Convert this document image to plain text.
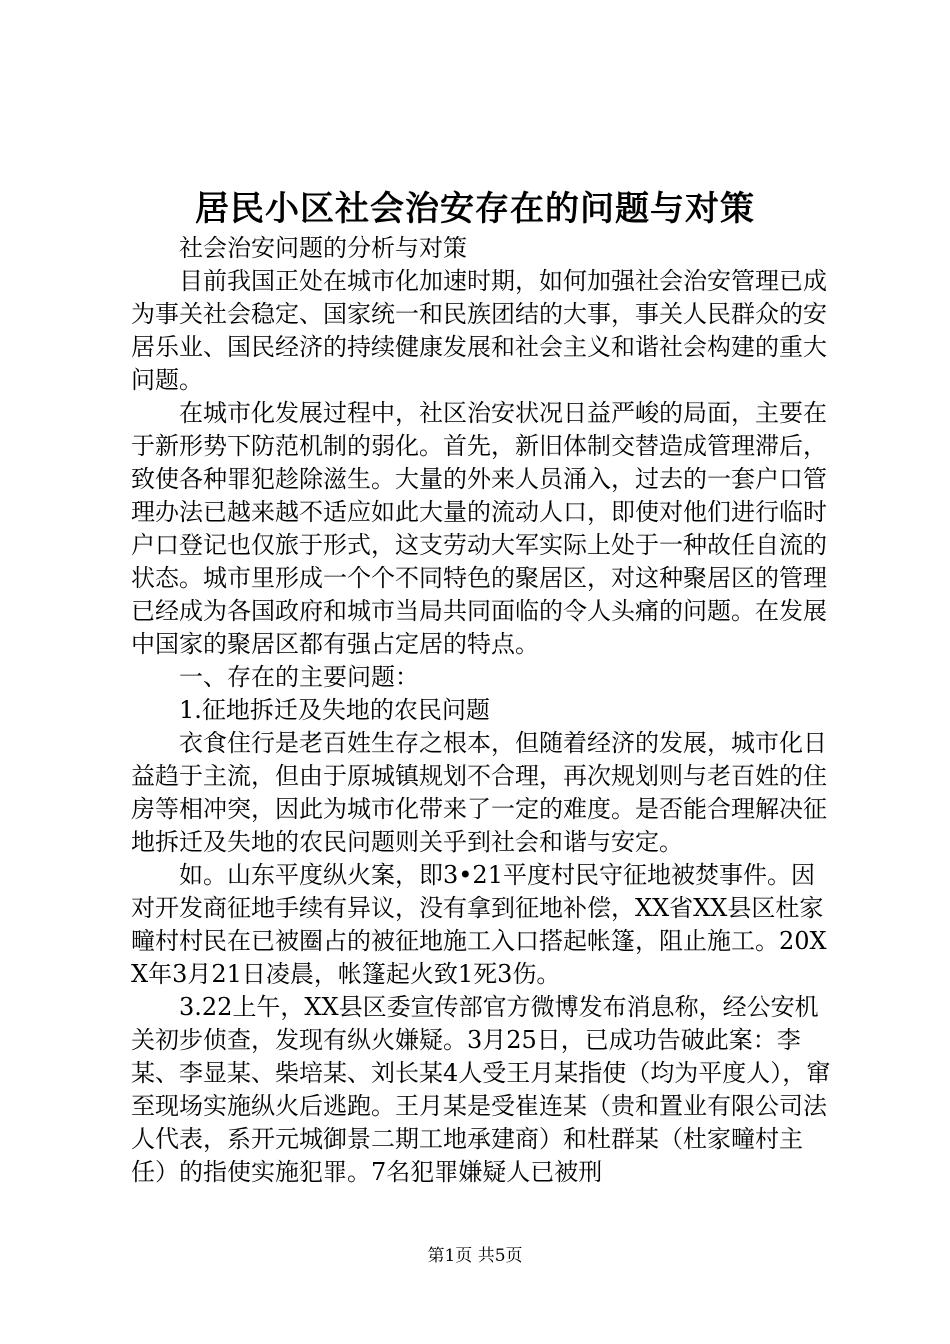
居民小区社会治安存在的问题与对策

社会治安问题的分析与对策

目前我国正处在城市化加速时期，如何加强社会治安管理已成为事关社会稳定、国家统一和民族团结的大事，事关人民群众的安居乐业、国民经济的持续健康发展和社会主义和谐社会构建的重大问题。

在城市化发展过程中，社区治安状况日益严峻的局面，主要在于新形势下防范机制的弱化。首先，新旧体制交替造成管理滞后，致使各种罪犯趁除滋生。大量的外来人员涌入，过去的一套户口管理办法已越来越不适应如此大量的流动人口，即使对他们进行临时户口登记也仅旅于形式，这支劳动大军实际上处于一种故任自流的状态。城市里形成一个个不同特色的聚居区，对这种聚居区的管理已经成为各国政府和城市当局共同面临的令人头痛的问题。在发展中国家的聚居区都有强占定居的特点。

一、存在的主要问题：

1.征地拆迁及失地的农民问题

衣食住行是老百姓生存之根本，但随着经济的发展，城市化日益趋于主流，但由于原城镇规划不合理，再次规划则与老百姓的住房等相冲突，因此为城市化带来了一定的难度。是否能合理解决征地拆迁及失地的农民问题则关乎到社会和谐与安定。

如。山东平度纵火案，即3•21平度村民守征地被焚事件。因对开发商征地手续有异议，没有拿到征地补偿，XX省XX县区杜家疃村村民在已被圈占的被征地施工入口搭起帐篷，阻止施工。20XX年3月21日凌晨，帐篷起火致1死3伤。

3.22上午，XX县区委宣传部官方微博发布消息称，经公安机关初步侦查，发现有纵火嫌疑。3月25日，已成功告破此案：李某、李显某、柴培某、刘长某4人受王月某指使（均为平度人），窜至现场实施纵火后逃跑。王月某是受崔连某（贵和置业有限公司法人代表，系开元城御景二期工地承建商）和杜群某（杜家疃村主任）的指使实施犯罪。7名犯罪嫌疑人已被刑

第1页 共5页
